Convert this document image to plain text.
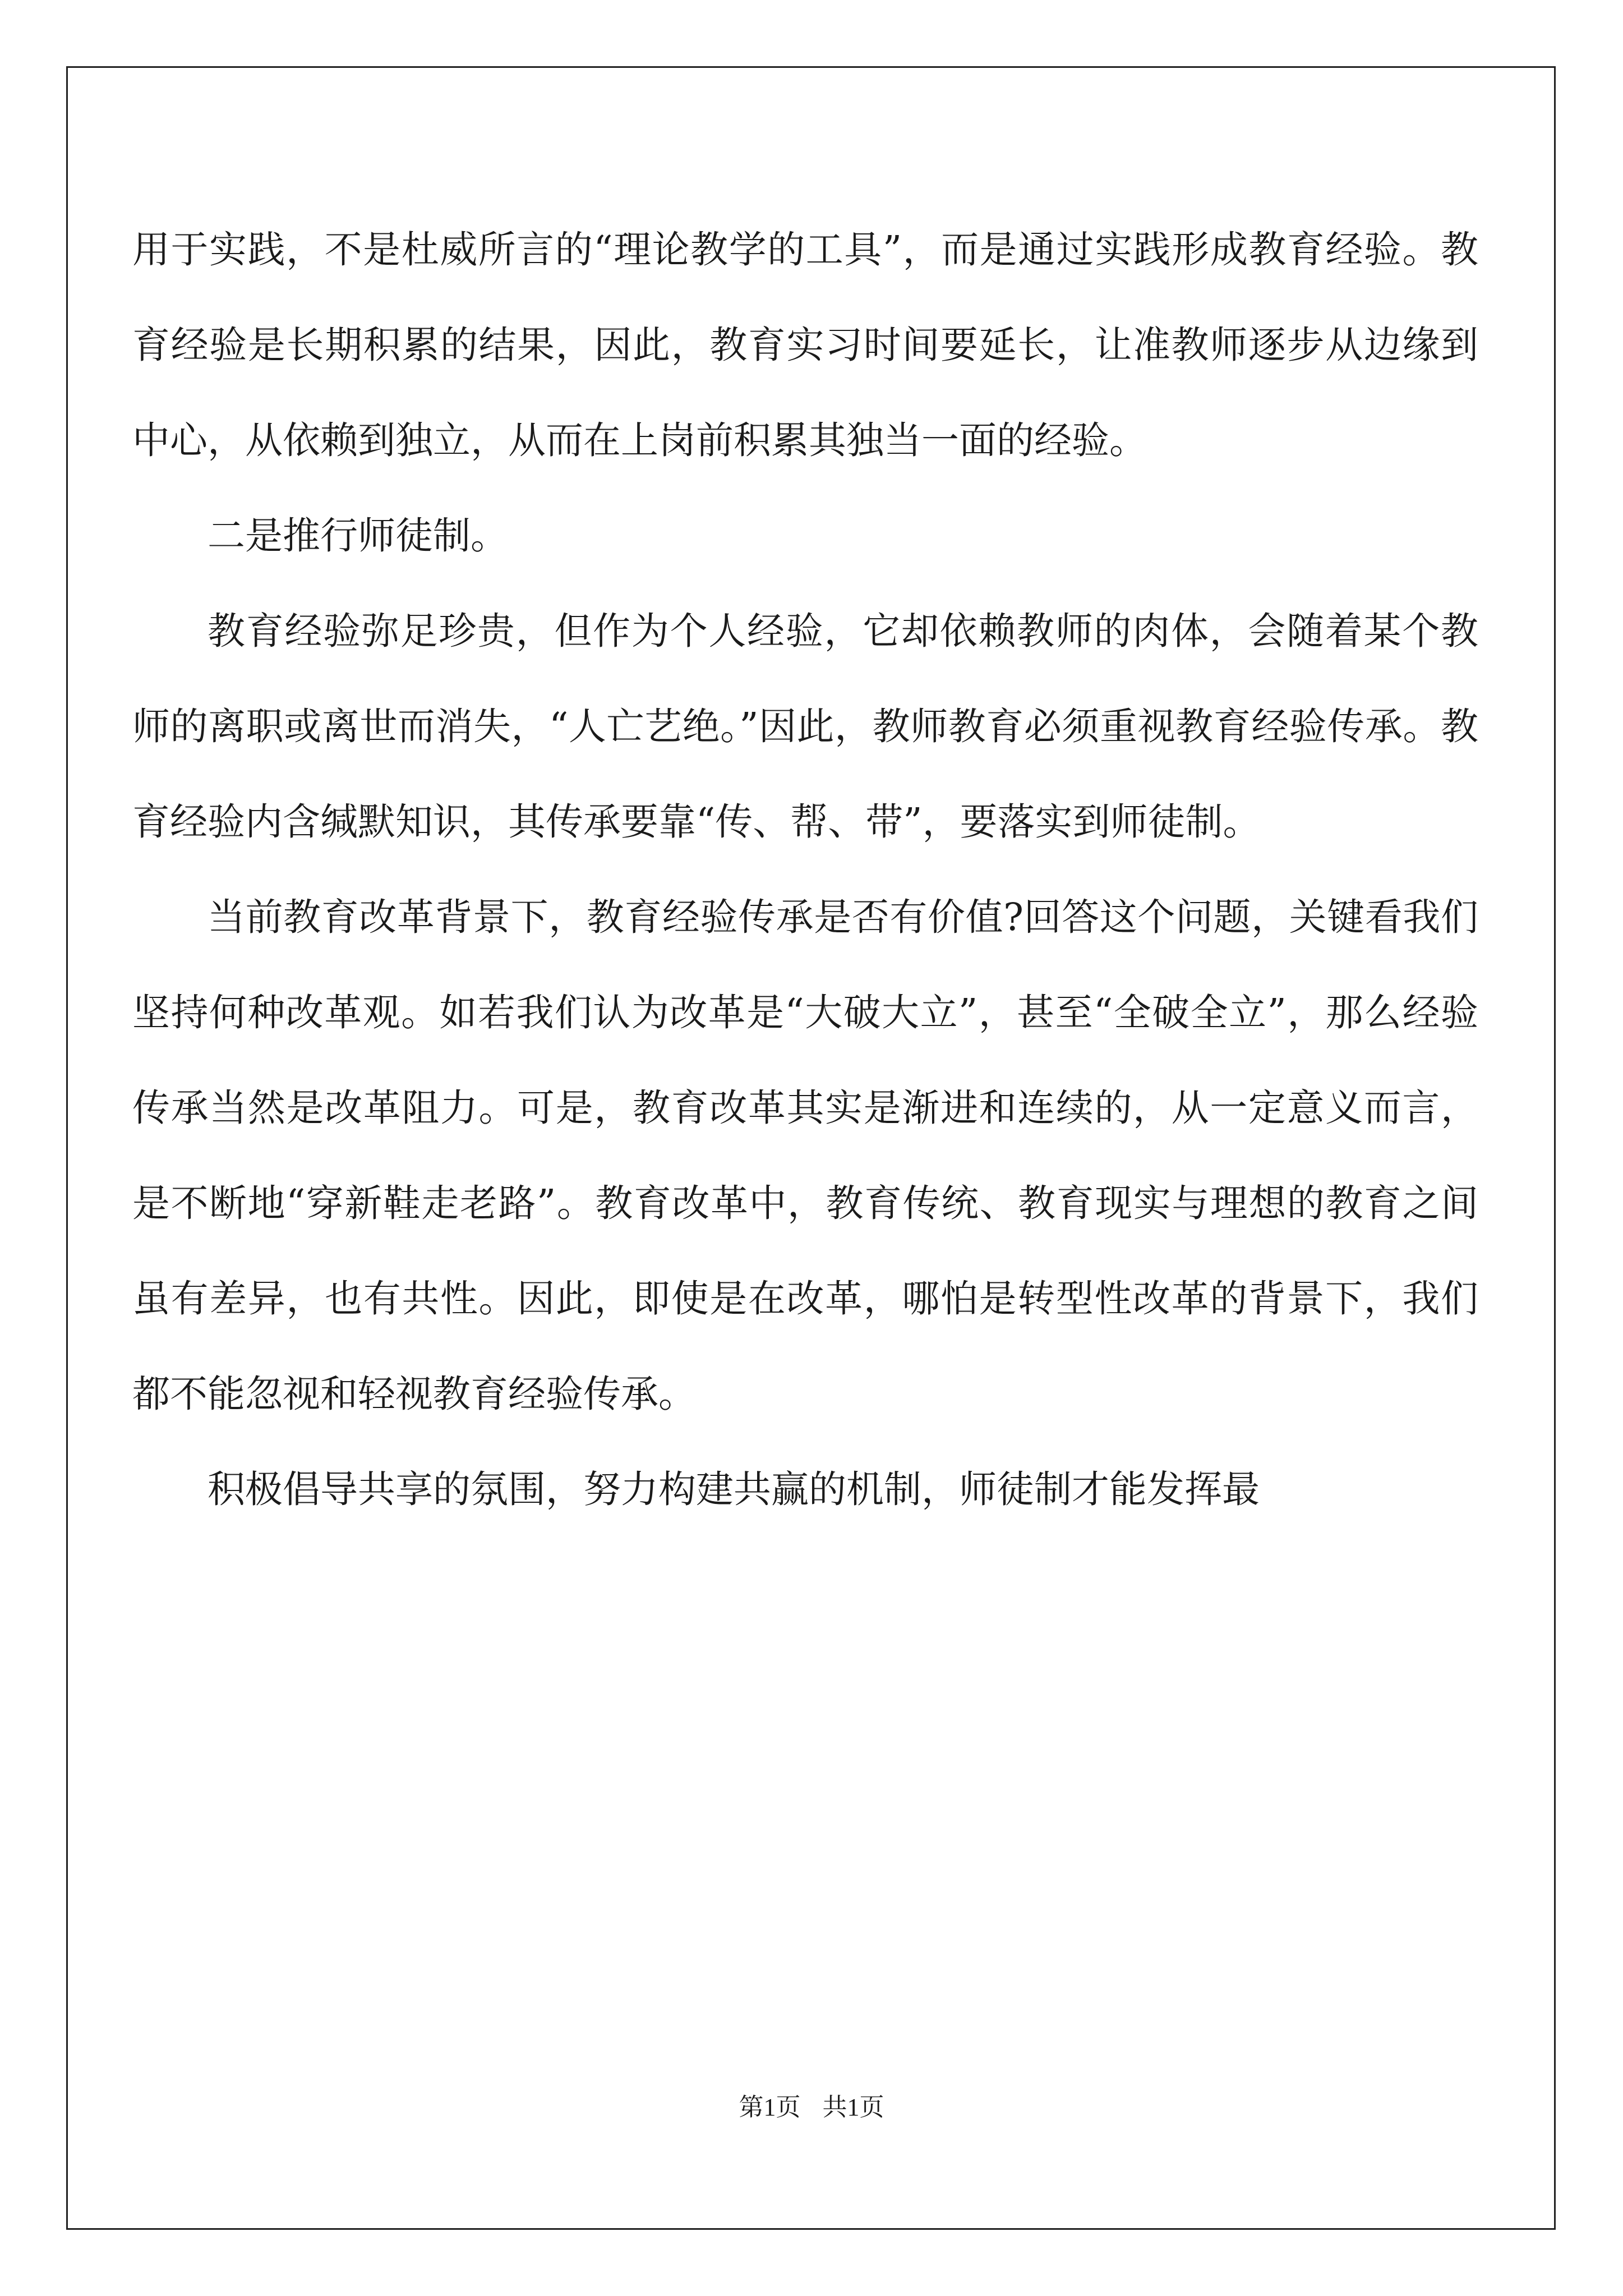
用于实践，不是杜威所言的“理论教学的工具”，而是通过实践形成教育经验。教育经验是长期积累的结果，因此，教育实习时间要延长，让准教师逐步从边缘到中心，从依赖到独立，从而在上岗前积累其独当一面的经验。

二是推行师徒制。

教育经验弥足珍贵，但作为个人经验，它却依赖教师的肉体，会随着某个教师的离职或离世而消失，“人亡艺绝。”因此，教师教育必须重视教育经验传承。教育经验内含缄默知识，其传承要靠“传、帮、带”，要落实到师徒制。

当前教育改革背景下，教育经验传承是否有价值?回答这个问题，关键看我们坚持何种改革观。如若我们认为改革是“大破大立”，甚至“全破全立”，那么经验传承当然是改革阻力。可是，教育改革其实是渐进和连续的，从一定意义而言，是不断地“穿新鞋走老路”。教育改革中，教育传统、教育现实与理想的教育之间虽有差异，也有共性。因此，即使是在改革，哪怕是转型性改革的背景下，我们都不能忽视和轻视教育经验传承。

积极倡导共享的氛围，努力构建共赢的机制，师徒制才能发挥最

第1页 共1页
